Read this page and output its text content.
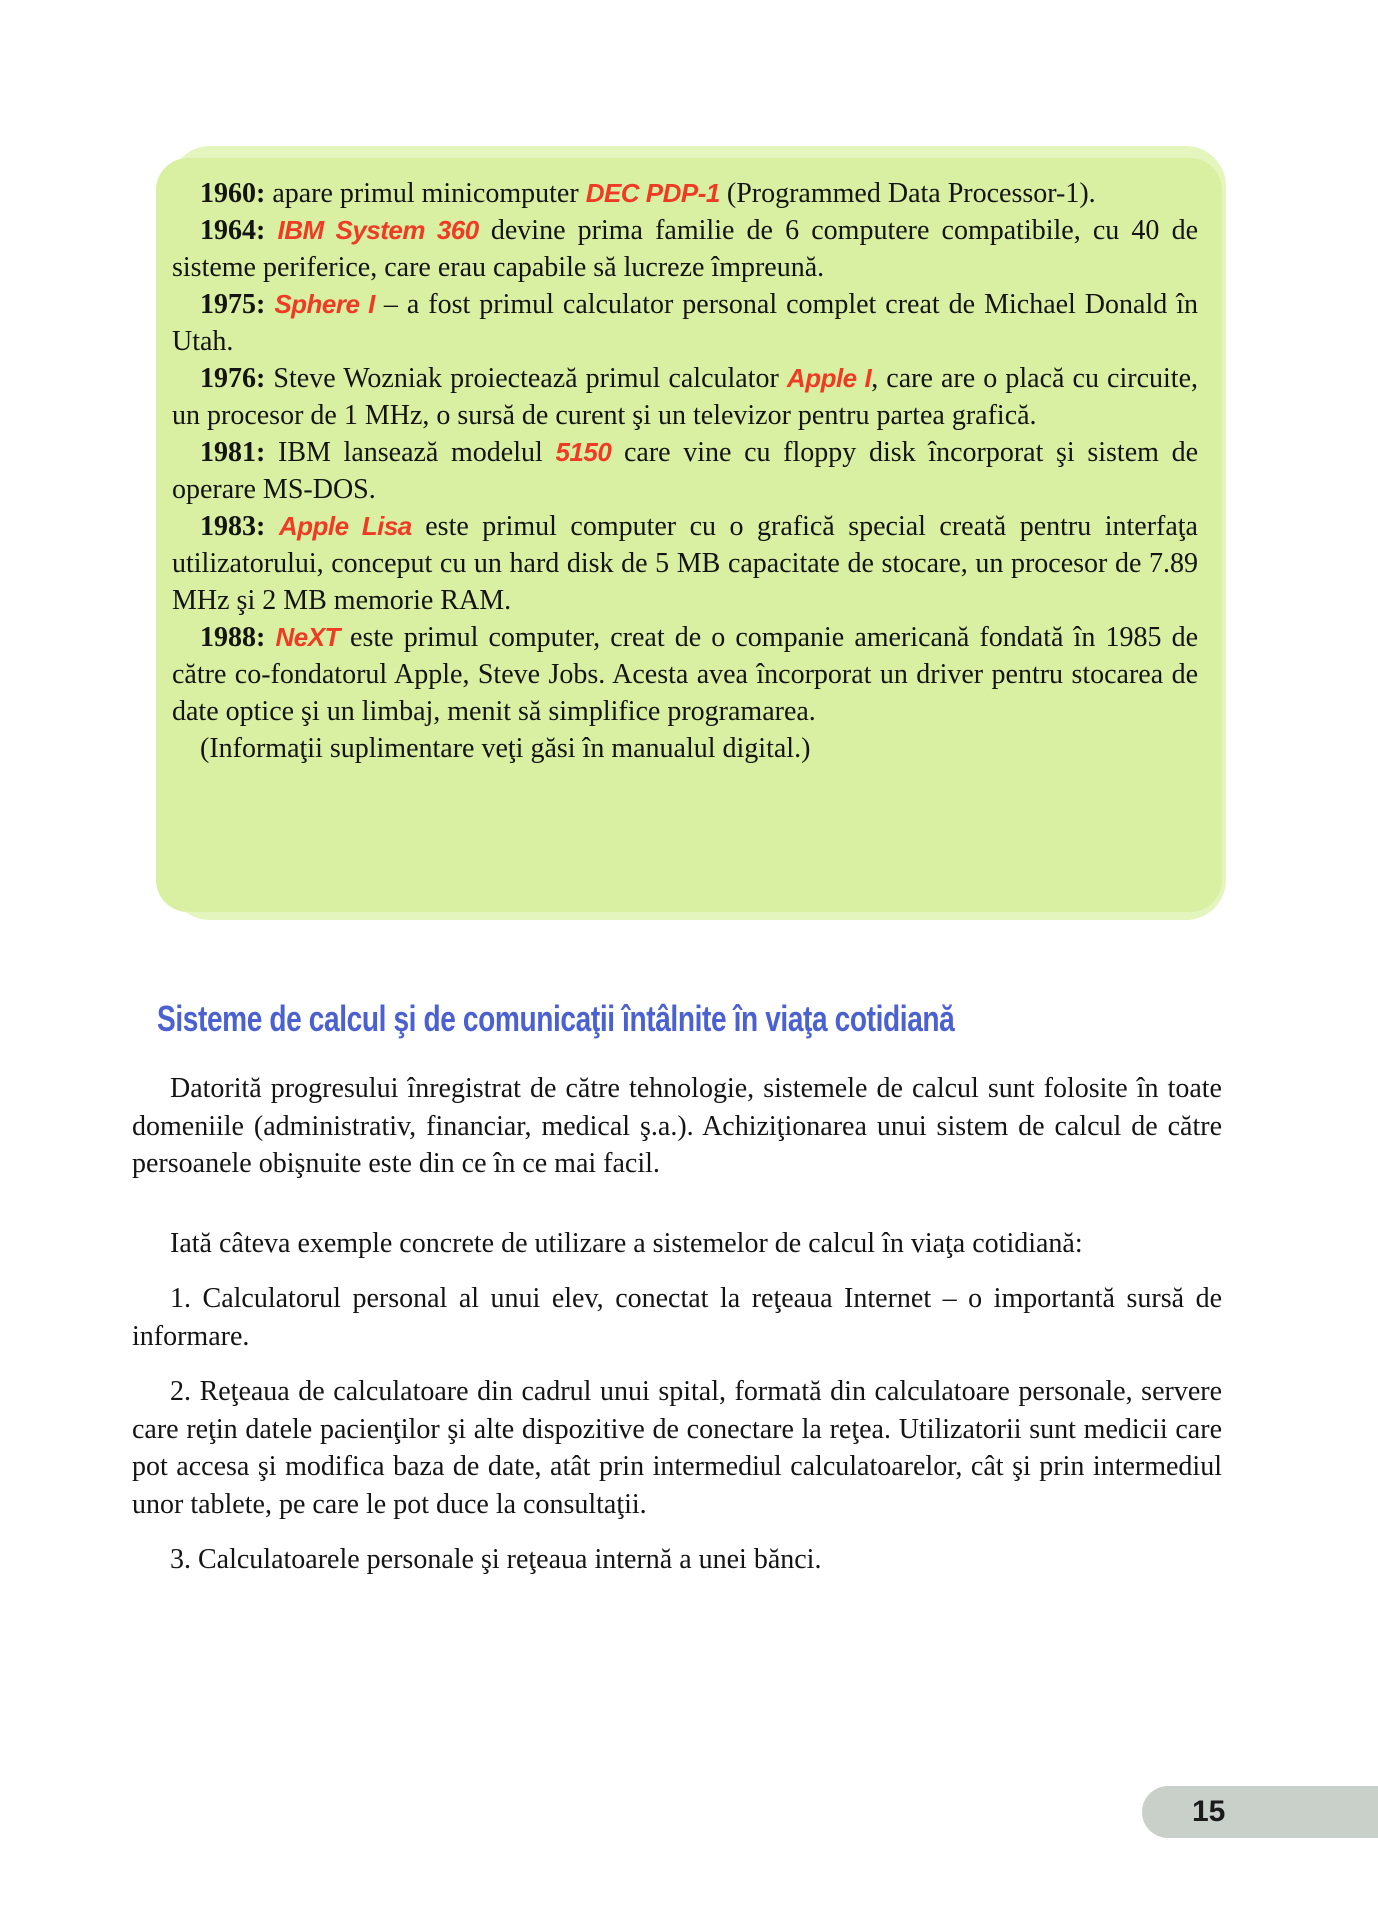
1960: apare primul minicomputer DEC PDP-1 (Programmed Data Processor-1).

1964: IBM System 360 devine prima familie de 6 computere compatibile, cu 40 de sisteme periferice, care erau capabile să lucreze împreună.

1975: Sphere I – a fost primul calculator personal complet creat de Michael Donald în Utah.

1976: Steve Wozniak proiectează primul calculator Apple I, care are o placă cu circuite, un procesor de 1 MHz, o sursă de curent şi un televizor pentru partea grafică.

1981: IBM lansează modelul 5150 care vine cu floppy disk încorporat şi sistem de operare MS-DOS.

1983: Apple Lisa este primul computer cu o grafică special creată pentru interfaţa utilizatorului, conceput cu un hard disk de 5 MB capacitate de stocare, un procesor de 7.89 MHz şi 2 MB memorie RAM.

1988: NeXT este primul computer, creat de o companie americană fondată în 1985 de către co-fondatorul Apple, Steve Jobs. Acesta avea încorporat un driver pentru stocarea de date optice şi un limbaj, menit să simplifice programarea.

(Informaţii suplimentare veţi găsi în manualul digital.)

Sisteme de calcul şi de comunicaţii întâlnite în viaţa cotidiană

Datorită progresului înregistrat de către tehnologie, sistemele de calcul sunt folosite în toate domeniile (administrativ, financiar, medical ş.a.). Achiziţionarea unui sistem de calcul de către persoanele obişnuite este din ce în ce mai facil.

Iată câteva exemple concrete de utilizare a sistemelor de calcul în viaţa cotidiană:

1. Calculatorul personal al unui elev, conectat la reţeaua Internet – o importantă sursă de informare.

2. Reţeaua de calculatoare din cadrul unui spital, formată din calculatoare personale, servere care reţin datele pacienţilor şi alte dispozitive de conectare la reţea. Utilizatorii sunt medicii care pot accesa şi modifica baza de date, atât prin intermediul calculatoarelor, cât şi prin intermediul unor tablete, pe care le pot duce la consultaţii.

3. Calculatoarele personale şi reţeaua internă a unei bănci.

15
